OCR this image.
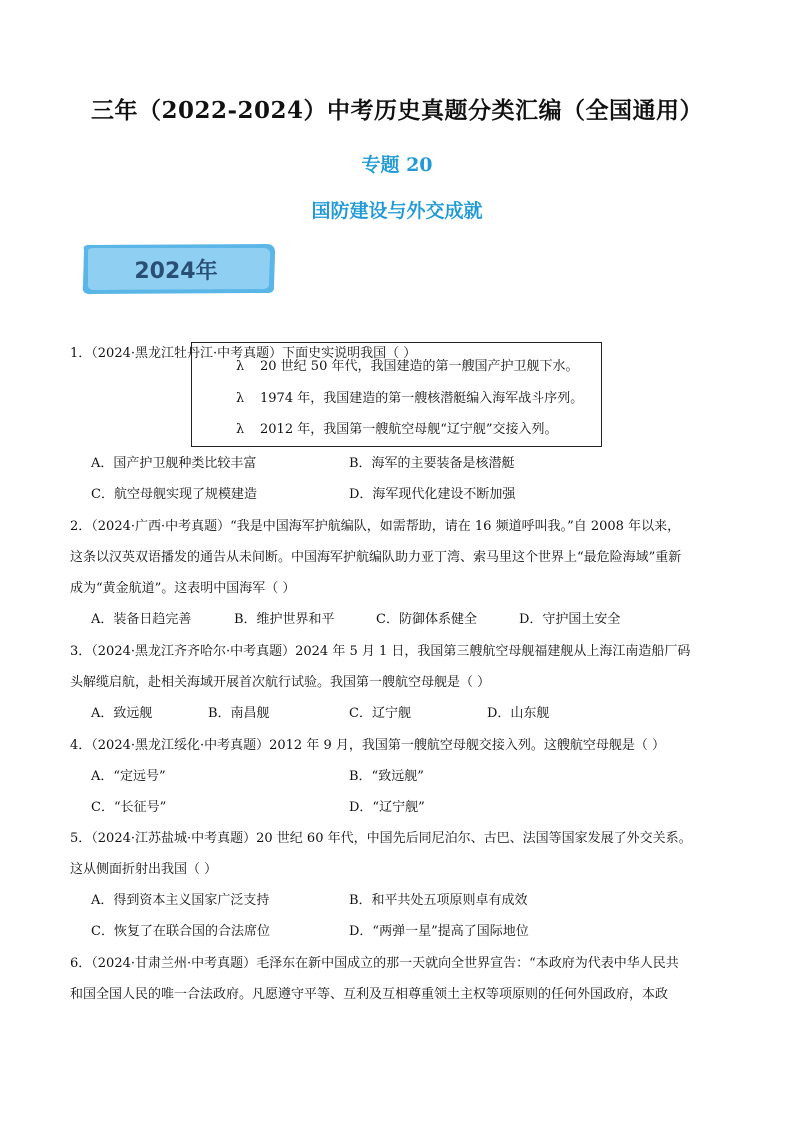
三年（2022-2024）中考历史真题分类汇编（全国通用）
专题 20
国防建设与外交成就
2024年
1．（2024·黑龙江牡丹江·中考真题）下面史实说明我国（ ）
λ 20 世纪 50 年代，我国建造的第一艘国产护卫舰下水。
λ 1974 年，我国建造的第一艘核潜艇编入海军战斗序列。
λ 2012 年，我国第一艘航空母舰“辽宁舰”交接入列。
A．国产护卫舰种类比较丰富	B．海军的主要装备是核潜艇
C．航空母舰实现了规模建造	D．海军现代化建设不断加强
2．（2024·广西·中考真题）“我是中国海军护航编队，如需帮助，请在 16 频道呼叫我。”自 2008 年以来，
这条以汉英双语播发的通告从未间断。中国海军护航编队助力亚丁湾、索马里这个世界上“最危险海域”重新
成为“黄金航道”。这表明中国海军（ ）
A．装备日趋完善	B．维护世界和平	C．防御体系健全	D．守护国土安全
3．（2024·黑龙江齐齐哈尔·中考真题）2024 年 5 月 1 日，我国第三艘航空母舰福建舰从上海江南造船厂码
头解缆启航，赴相关海域开展首次航行试验。我国第一艘航空母舰是（ ）
A．致远舰	B．南昌舰	C．辽宁舰	D．山东舰
4．（2024·黑龙江绥化·中考真题）2012 年 9 月，我国第一艘航空母舰交接入列。这艘航空母舰是（ ）
A．“定远号”	B．“致远舰”
C．“长征号”	D．“辽宁舰”
5．（2024·江苏盐城·中考真题）20 世纪 60 年代，中国先后同尼泊尔、古巴、法国等国家发展了外交关系。
这从侧面折射出我国（ ）
A．得到资本主义国家广泛支持	B．和平共处五项原则卓有成效
C．恢复了在联合国的合法席位	D．“两弹一星”提高了国际地位
6．（2024·甘肃兰州·中考真题）毛泽东在新中国成立的那一天就向全世界宣告：“本政府为代表中华人民共
和国全国人民的唯一合法政府。凡愿遵守平等、互利及互相尊重领土主权等项原则的任何外国政府，本政
